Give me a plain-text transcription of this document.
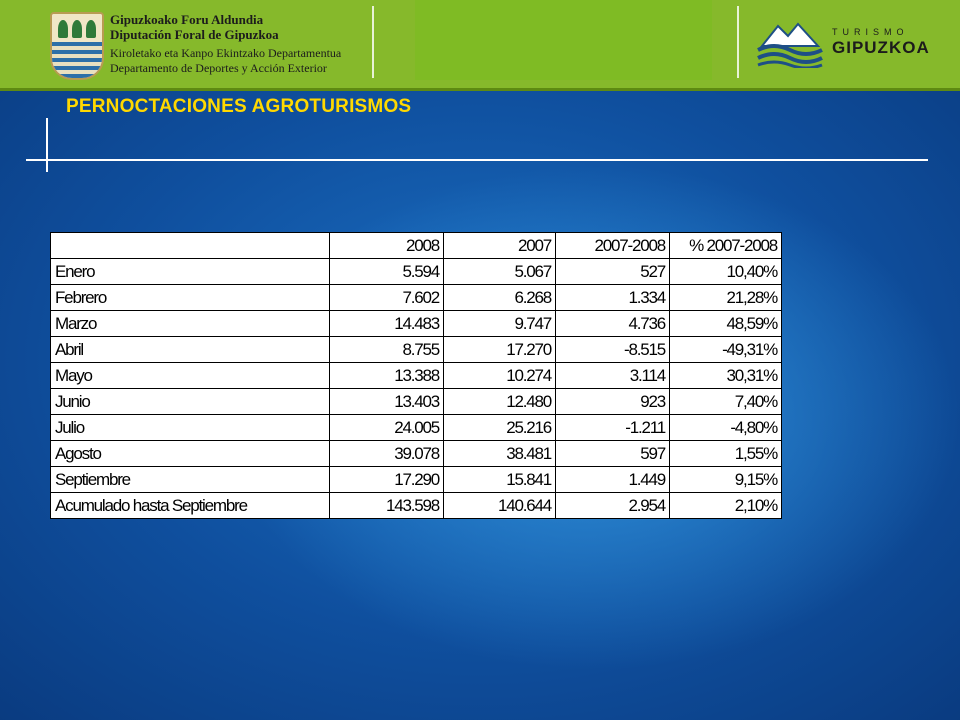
Gipuzkoako Foru Aldundia
Diputación Foral de Gipuzkoa
Kiroletako eta Kanpo Ekintzako Departamentua
Departamento de Deportes y Acción Exterior
TURISMO
GIPUZKOA
PERNOCTACIONES AGROTURISMOS
	2008	2007	2007-2008	% 2007-2008
Enero	5.594	5.067	527	10,40%
Febrero	7.602	6.268	1.334	21,28%
Marzo	14.483	9.747	4.736	48,59%
Abril	8.755	17.270	-8.515	-49,31%
Mayo	13.388	10.274	3.114	30,31%
Junio	13.403	12.480	923	7,40%
Julio	24.005	25.216	-1.211	-4,80%
Agosto	39.078	38.481	597	1,55%
Septiembre	17.290	15.841	1.449	9,15%
Acumulado hasta Septiembre	143.598	140.644	2.954	2,10%
